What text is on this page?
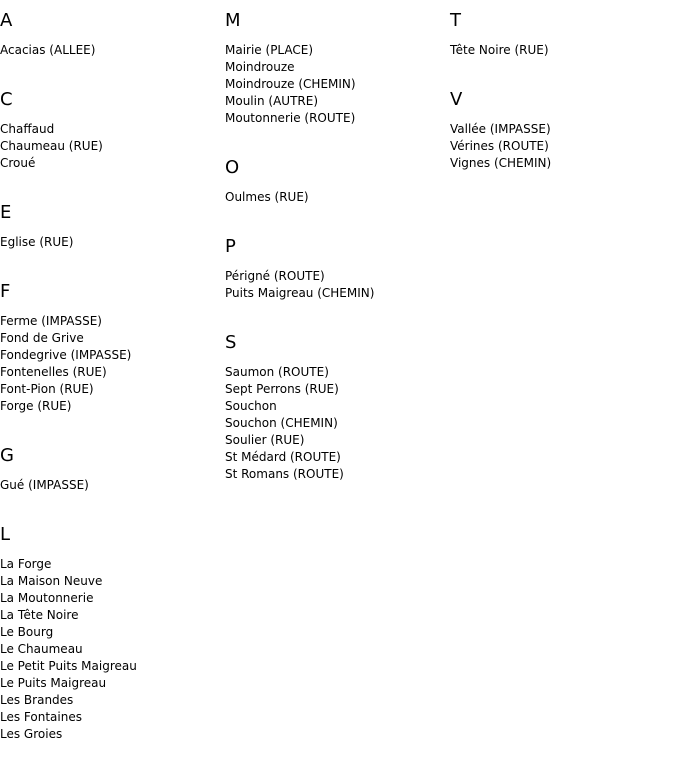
A
Acacias (ALLEE)
C
Chaffaud
Chaumeau (RUE)
Croué
E
Eglise (RUE)
F
Ferme (IMPASSE)
Fond de Grive
Fondegrive (IMPASSE)
Fontenelles (RUE)
Font-Pion (RUE)
Forge (RUE)
G
Gué (IMPASSE)
L
La Forge
La Maison Neuve
La Moutonnerie
La Tête Noire
Le Bourg
Le Chaumeau
Le Petit Puits Maigreau
Le Puits Maigreau
Les Brandes
Les Fontaines
Les Groies
M
Mairie (PLACE)
Moindrouze
Moindrouze (CHEMIN)
Moulin (AUTRE)
Moutonnerie (ROUTE)
O
Oulmes (RUE)
P
Périgné (ROUTE)
Puits Maigreau (CHEMIN)
S
Saumon (ROUTE)
Sept Perrons (RUE)
Souchon
Souchon (CHEMIN)
Soulier (RUE)
St Médard (ROUTE)
St Romans (ROUTE)
T
Tête Noire (RUE)
V
Vallée (IMPASSE)
Vérines (ROUTE)
Vignes (CHEMIN)
